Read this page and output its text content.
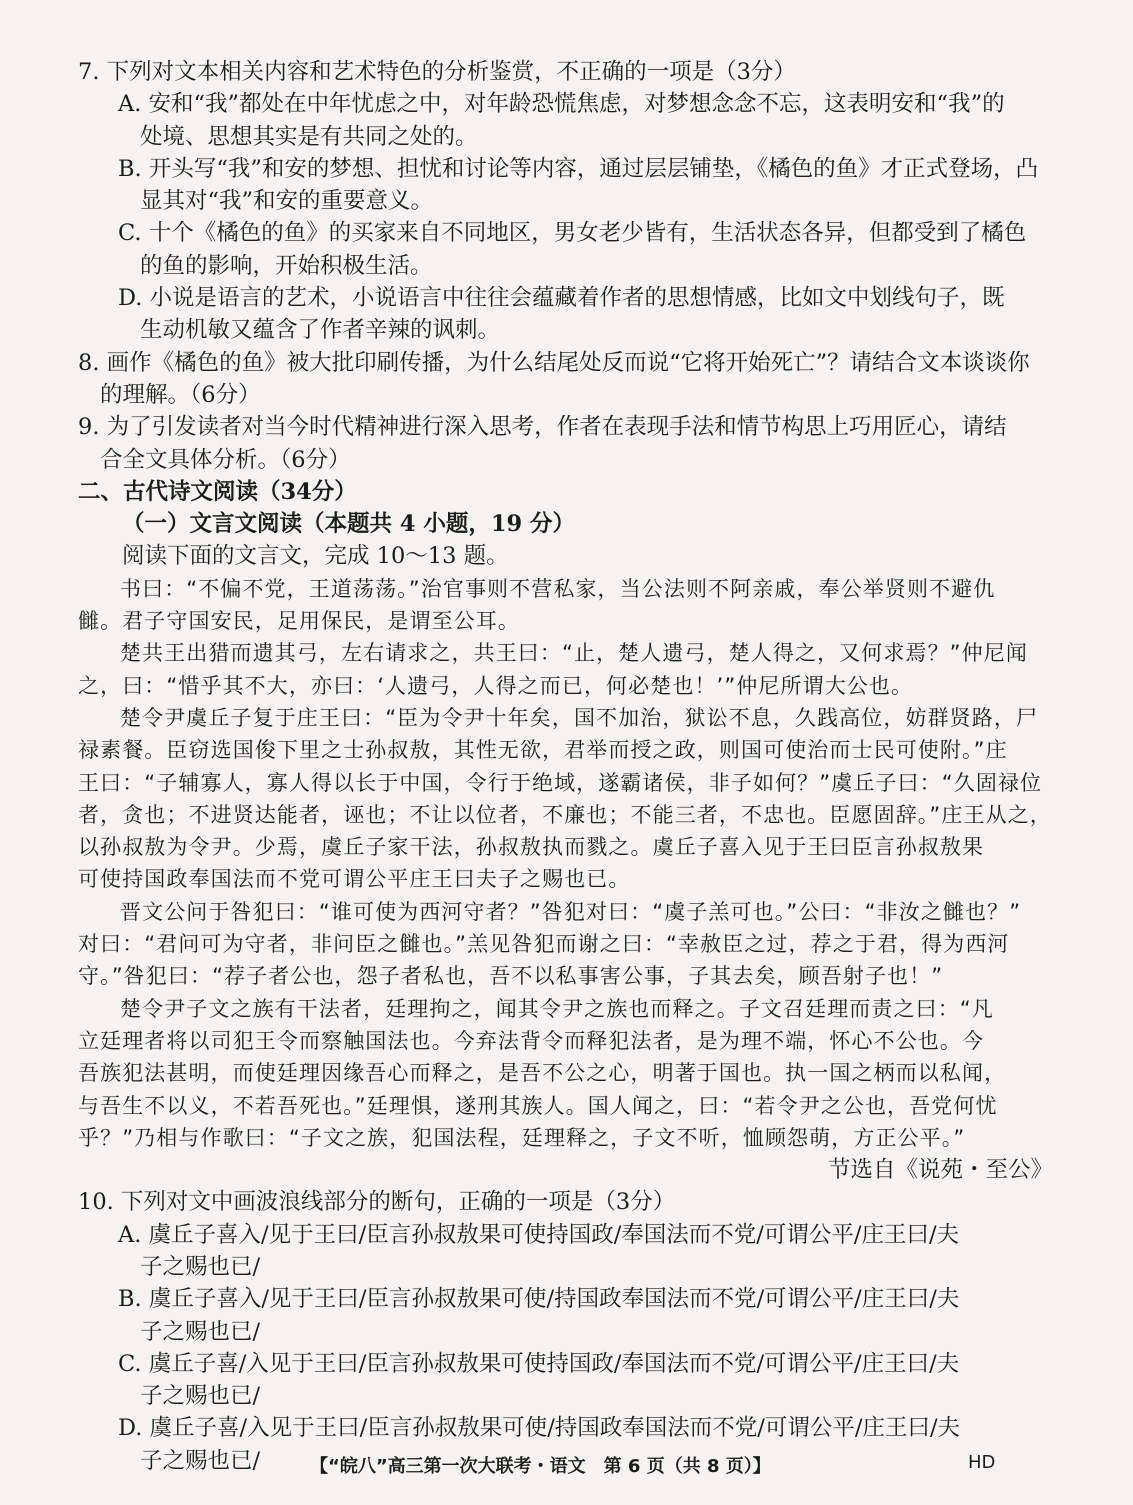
7. 下列对文本相关内容和艺术特色的分析鉴赏，不正确的一项是（3分）
A. 安和“我”都处在中年忧虑之中，对年龄恐慌焦虑，对梦想念念不忘，这表明安和“我”的
处境、思想其实是有共同之处的。
B. 开头写“我”和安的梦想、担忧和讨论等内容，通过层层铺垫，《橘色的鱼》才正式登场，凸
显其对“我”和安的重要意义。
C. 十个《橘色的鱼》的买家来自不同地区，男女老少皆有，生活状态各异，但都受到了橘色
的鱼的影响，开始积极生活。
D. 小说是语言的艺术，小说语言中往往会蕴藏着作者的思想情感，比如文中划线句子，既
生动机敏又蕴含了作者辛辣的讽刺。
8. 画作《橘色的鱼》被大批印刷传播，为什么结尾处反而说“它将开始死亡”？请结合文本谈谈你
的理解。（6分）
9. 为了引发读者对当今时代精神进行深入思考，作者在表现手法和情节构思上巧用匠心，请结
合全文具体分析。（6分）
二、古代诗文阅读（34分）
（一）文言文阅读（本题共 4 小题，19 分）
阅读下面的文言文，完成 10～13 题。
书曰：“不偏不党，王道荡荡。”治官事则不营私家，当公法则不阿亲戚，奉公举贤则不避仇
雠。君子守国安民，足用保民，是谓至公耳。
楚共王出猎而遗其弓，左右请求之，共王曰：“止，楚人遗弓，楚人得之，又何求焉？”仲尼闻
之，曰：“惜乎其不大，亦曰：‘人遗弓，人得之而已，何必楚也！’”仲尼所谓大公也。
楚令尹虞丘子复于庄王曰：“臣为令尹十年矣，国不加治，狱讼不息，久践高位，妨群贤路，尸
禄素餐。臣窃选国俊下里之士孙叔敖，其性无欲，君举而授之政，则国可使治而士民可使附。”庄
王曰：“子辅寡人，寡人得以长于中国，令行于绝域，遂霸诸侯，非子如何？”虞丘子曰：“久固禄位
者，贪也；不进贤达能者，诬也；不让以位者，不廉也；不能三者，不忠也。臣愿固辞。”庄王从之，
以孙叔敖为令尹。少焉，虞丘子家干法，孙叔敖执而戮之。虞丘子喜入见于王曰臣言孙叔敖果
可使持国政奉国法而不党可谓公平庄王曰夫子之赐也已。
晋文公问于咎犯曰：“谁可使为西河守者？”咎犯对曰：“虞子羔可也。”公曰：“非汝之雠也？”
对曰：“君问可为守者，非问臣之雠也。”羔见咎犯而谢之曰：“幸赦臣之过，荐之于君，得为西河
守。”咎犯曰：“荐子者公也，怨子者私也，吾不以私事害公事，子其去矣，顾吾射子也！”
楚令尹子文之族有干法者，廷理拘之，闻其令尹之族也而释之。子文召廷理而责之曰：“凡
立廷理者将以司犯王令而察触国法也。今弃法背令而释犯法者，是为理不端，怀心不公也。今
吾族犯法甚明，而使廷理因缘吾心而释之，是吾不公之心，明著于国也。执一国之柄而以私闻，
与吾生不以义，不若吾死也。”廷理惧，遂刑其族人。国人闻之，曰：“若令尹之公也，吾党何忧
乎？”乃相与作歌曰：“子文之族，犯国法程，廷理释之，子文不听，恤顾怨萌，方正公平。”
节选自《说苑・至公》
10. 下列对文中画波浪线部分的断句，正确的一项是（3分）
A. 虞丘子喜入/见于王曰/臣言孙叔敖果可使持国政/奉国法而不党/可谓公平/庄王曰/夫
子之赐也已/
B. 虞丘子喜入/见于王曰/臣言孙叔敖果可使/持国政奉国法而不党/可谓公平/庄王曰/夫
子之赐也已/
C. 虞丘子喜/入见于王曰/臣言孙叔敖果可使持国政/奉国法而不党/可谓公平/庄王曰/夫
子之赐也已/
D. 虞丘子喜/入见于王曰/臣言孙叔敖果可使/持国政奉国法而不党/可谓公平/庄王曰/夫
子之赐也已/	【“皖八”高三第一次大联考・语文　第 6 页（共 8 页）】	HD
